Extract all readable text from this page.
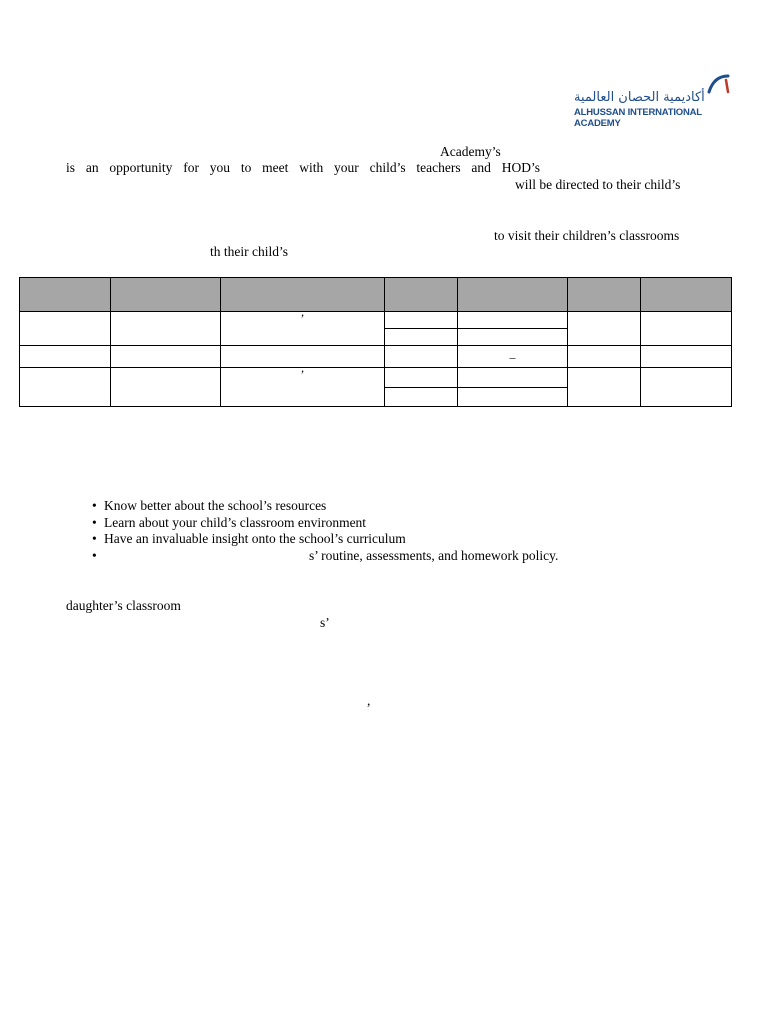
أكاديمية الحصان العالمية
ALHUSSAN INTERNATIONAL ACADEMY
Academy’s
is an opportunity for you to meet with your child’s teachers and HOD’s
will be directed to their child’s
to visit their children’s classrooms
th their child’s

		’				

				–		
		’				

• Know better about the school’s resources
• Learn about your child’s classroom environment
• Have an invaluable insight onto the school’s curriculum
• s’ routine, assessments, and homework policy.
daughter’s classroom
s’
,
